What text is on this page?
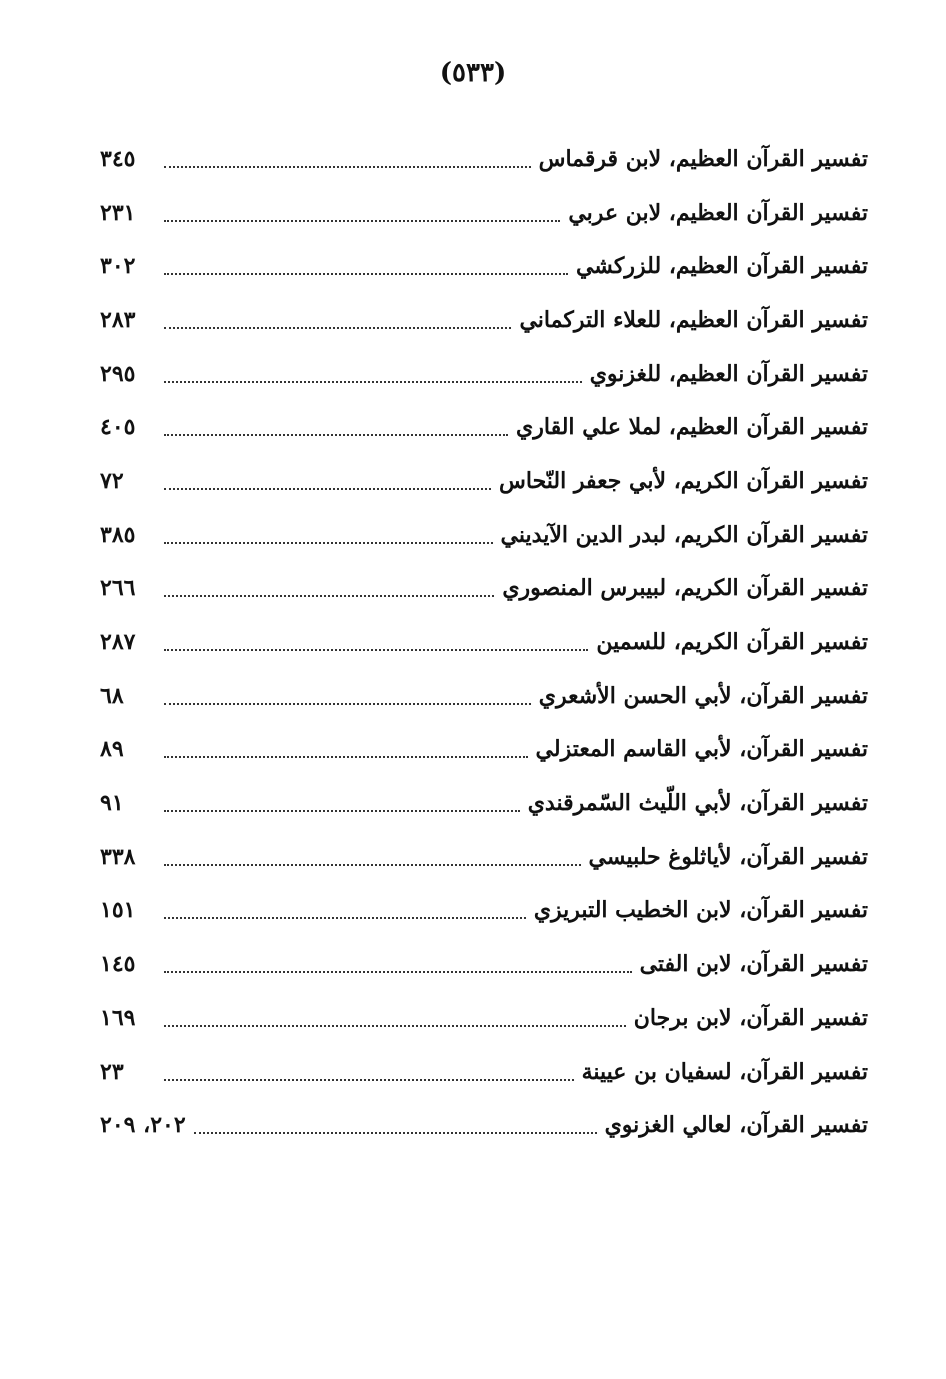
(٥٣٣)
تفسير القرآن العظيم، لابن قرقماس
٣٤٥
تفسير القرآن العظيم، لابن عربي
٢٣١
تفسير القرآن العظيم، للزركشي
٣٠٢
تفسير القرآن العظيم، للعلاء التركماني
٢٨٣
تفسير القرآن العظيم، للغزنوي
٢٩٥
تفسير القرآن العظيم، لملا علي القاري
٤٠٥
تفسير القرآن الكريم، لأبي جعفر النّحاس
٧٢
تفسير القرآن الكريم، لبدر الدين الآيديني
٣٨٥
تفسير القرآن الكريم، لبيبرس المنصوري
٢٦٦
تفسير القرآن الكريم، للسمين
٢٨٧
تفسير القرآن، لأبي الحسن الأشعري
٦٨
تفسير القرآن، لأبي القاسم المعتزلي
٨٩
تفسير القرآن، لأبي اللّيث السّمرقندي
٩١
تفسير القرآن، لأياثلوغ حلبيسي
٣٣٨
تفسير القرآن، لابن الخطيب التبريزي
١٥١
تفسير القرآن، لابن الفتى
١٤٥
تفسير القرآن، لابن برجان
١٦٩
تفسير القرآن، لسفيان بن عيينة
٢٣
تفسير القرآن، لعالي الغزنوي
٢٠٢، ٢٠٩
